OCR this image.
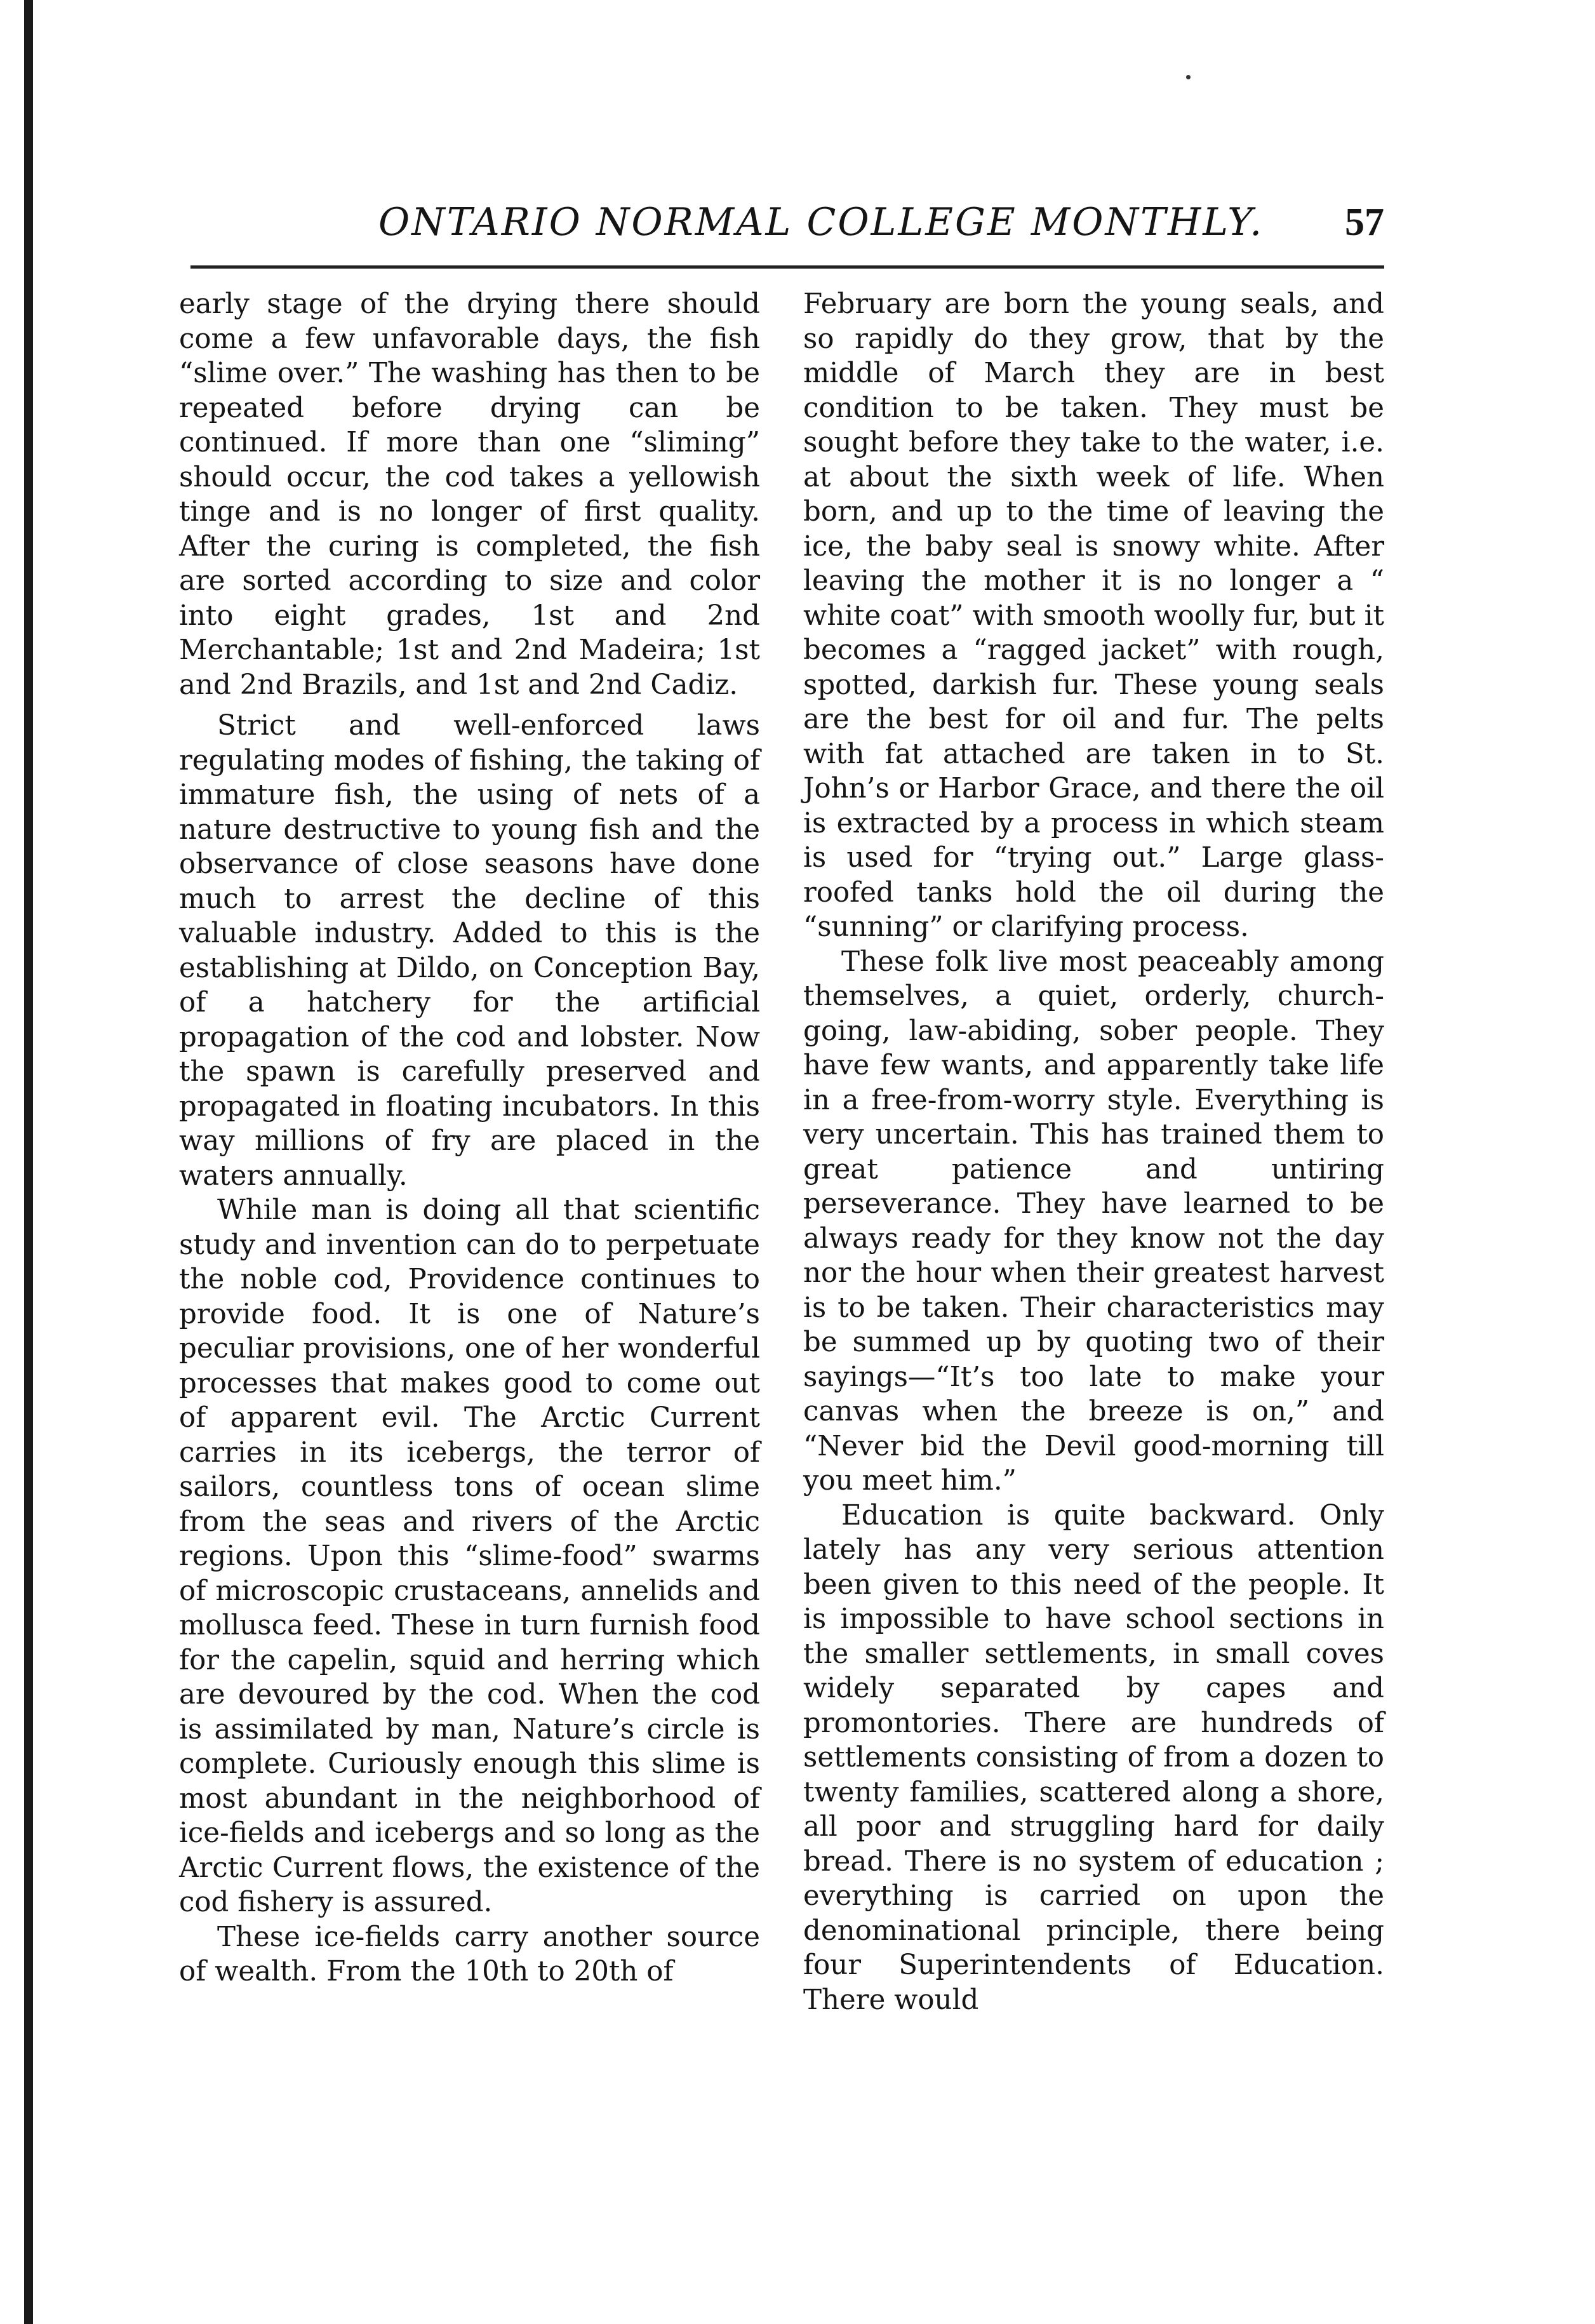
ONTARIO NORMAL COLLEGE MONTHLY. 57

early stage of the drying there should come a few unfavorable days, the fish “slime over.” The washing has then to be repeated before drying can be continued. If more than one “sliming” should occur, the cod takes a yellowish tinge and is no longer of first quality. After the curing is completed, the fish are sorted according to size and color into eight grades, 1st and 2nd Merchantable; 1st and 2nd Madeira; 1st and 2nd Brazils, and 1st and 2nd Cadiz.

Strict and well-enforced laws regulating modes of fishing, the taking of immature fish, the using of nets of a nature destructive to young fish and the observance of close seasons have done much to arrest the decline of this valuable industry. Added to this is the establishing at Dildo, on Conception Bay, of a hatchery for the artificial propagation of the cod and lobster. Now the spawn is carefully preserved and propagated in floating incubators. In this way millions of fry are placed in the waters annually.

While man is doing all that scientific study and invention can do to perpetuate the noble cod, Providence continues to provide food. It is one of Nature’s peculiar provisions, one of her wonderful processes that makes good to come out of apparent evil. The Arctic Current carries in its icebergs, the terror of sailors, countless tons of ocean slime from the seas and rivers of the Arctic regions. Upon this “slime-food” swarms of microscopic crustaceans, annelids and mollusca feed. These in turn furnish food for the capelin, squid and herring which are devoured by the cod. When the cod is assimilated by man, Nature’s circle is complete. Curiously enough this slime is most abundant in the neighborhood of ice-fields and icebergs and so long as the Arctic Current flows, the existence of the cod fishery is assured.

These ice-fields carry another source of wealth. From the 10th to 20th of

February are born the young seals, and so rapidly do they grow, that by the middle of March they are in best condition to be taken. They must be sought before they take to the water, i.e. at about the sixth week of life. When born, and up to the time of leaving the ice, the baby seal is snowy white. After leaving the mother it is no longer a “ white coat” with smooth woolly fur, but it becomes a “ragged jacket” with rough, spotted, darkish fur. These young seals are the best for oil and fur. The pelts with fat attached are taken in to St. John’s or Harbor Grace, and there the oil is extracted by a process in which steam is used for “trying out.” Large glass-roofed tanks hold the oil during the “sunning” or clarifying process.

These folk live most peaceably among themselves, a quiet, orderly, church-going, law-abiding, sober people. They have few wants, and apparently take life in a free-from-worry style. Everything is very uncertain. This has trained them to great patience and untiring perseverance. They have learned to be always ready for they know not the day nor the hour when their greatest harvest is to be taken. Their characteristics may be summed up by quoting two of their sayings—“It’s too late to make your canvas when the breeze is on,” and “Never bid the Devil good-morning till you meet him.”

Education is quite backward. Only lately has any very serious attention been given to this need of the people. It is impossible to have school sections in the smaller settlements, in small coves widely separated by capes and promontories. There are hundreds of settlements consisting of from a dozen to twenty families, scattered along a shore, all poor and struggling hard for daily bread. There is no system of education ; everything is carried on upon the denominational principle, there being four Superintendents of Education. There would
